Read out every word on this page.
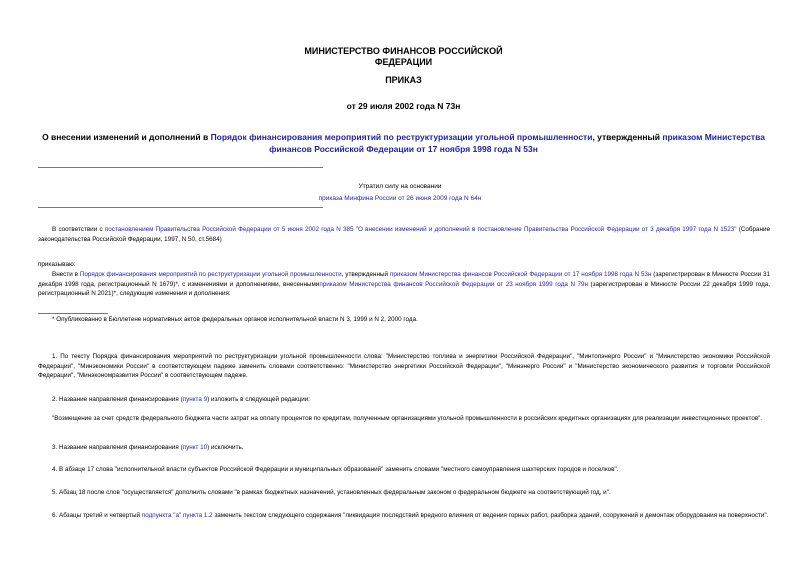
МИНИСТЕРСТВО ФИНАНСОВ РОССИЙСКОЙ
ФЕДЕРАЦИИ
ПРИКАЗ
от 29 июля 2002 года N 73н
О внесении изменений и дополнений в Порядок финансирования мероприятий по реструктуризации угольной промышленности, утвержденный приказом Министерства финансов Российской Федерации от 17 ноября 1998 года N 53н
Утратил силу на основании
приказа Минфина России от 26 июня 2009 года N 64н
В соответствии с постановлением Правительства Российской Федерации от 5 июня 2002 года N 385 "О внесении изменений и дополнений в постановление Правительства Российской Федерации от 3 декабря 1997 года N 1523" (Собрание законодательства Российской Федерации, 1997, N 50, ст.5684)
приказываю:
Внести в Порядок финансирования мероприятий по реструктуризации угольной промышленности, утвержденный приказом Министерства финансов Российской Федерации от 17 ноября 1998 года N 53н (зарегистрирован в Минюсте России 31 декабря 1998 года, регистрационный N 1679)*, с изменениями и дополнениями, внесеннымиприказом Министерства финансов Российской Федерации от 23 ноября 1999 года N 79н (зарегистрирован в Минюсте России 22 декабря 1999 года, регистрационный N 2021)*, следующие изменения и дополнения:
* Опубликованно в Бюллетене нормативных актов федеральных органов исполнительной власти N 3, 1999 и N 2, 2000 года.
1. По тексту Порядка финансирования мероприятий по реструктуризации угольной промышленности слова: "Министерство топлива и энергетики Российской Федерации", "Минтопэнерго России" и "Министерство экономики Российской Федерации", "Минэкономики России" в соответствующем падеже заменить словами соответственно: "Министерство энергетики Российской Федерации", "Минэнерго России" и "Министерство экономического развития и торговли Российской Федерации", "Минэкономразвития России" в соответствующем падеже.
2. Название направления финансирования (пункта 9) изложить в следующей редакции:
"Возмещение за счет средств федерального бюджета части затрат на оплату процентов по кредитам, полученным организациями угольной промышленности в российских кредитных организациях для реализации инвестиционных проектов".
3. Название направления финансирования (пункт 10) исключить.
4. В абзаце 17 слова "исполнительной власти субъектов Российской Федерации и муниципальных образований" заменить словами "местного самоуправления шахтерских городов и поселков".
5. Абзац 18 после слов "осуществляется" дополнить словами "в рамках бюджетных назначений, установленных федеральным законом о федеральном бюджете на соответствующий год, и".
6. Абзацы третий и четвертый подпункта "а" пункта 1.2 заменить текстом следующего содержания "ликвидация последствий вредного влияния от ведения горных работ, разборка зданий, сооружений и демонтаж оборудования на поверхности".
